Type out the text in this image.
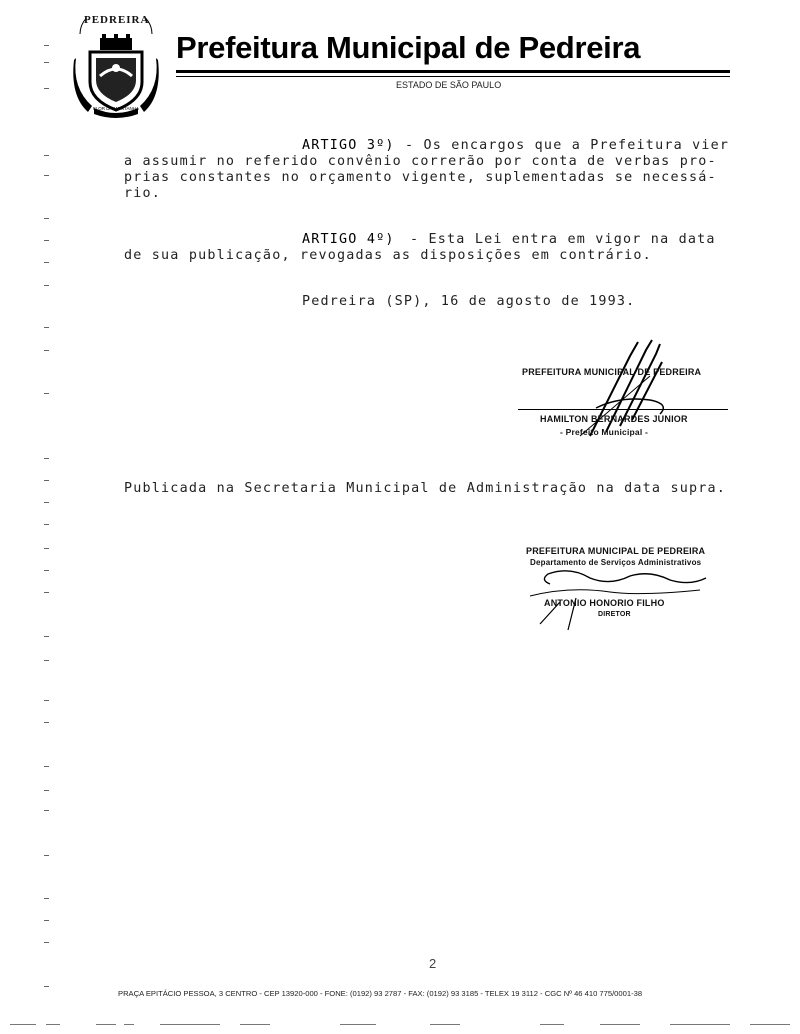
PEDREIRA
FLOR DA MONTANHA
Prefeitura Municipal de Pedreira
ESTADO DE SÃO PAULO
ARTIGO 3º) - Os encargos que a Prefeitura vier
a assumir no referido convênio correrão por conta de verbas pro-
prias constantes no orçamento vigente, suplementadas se necessá-
rio.
ARTIGO 4º) - Esta Lei entra em vigor na data
de sua publicação, revogadas as disposições em contrário.
Pedreira (SP), 16 de agosto de 1993.
PREFEITURA MUNICIPAL DE PEDREIRA
HAMILTON BERNARDES JUNIOR
- Prefeito Municipal -
Publicada na Secretaria Municipal de Administração na data supra.
PREFEITURA MUNICIPAL DE PEDREIRA
Departamento de Serviços Administrativos
ANTONIO HONORIO FILHO
DIRETOR
2
PRAÇA EPITÁCIO PESSOA, 3 CENTRO - CEP 13920-000 - FONE: (0192) 93 2787 - FAX: (0192) 93 3185 - TELEX 19 3112 - CGC Nº 46 410 775/0001-38
